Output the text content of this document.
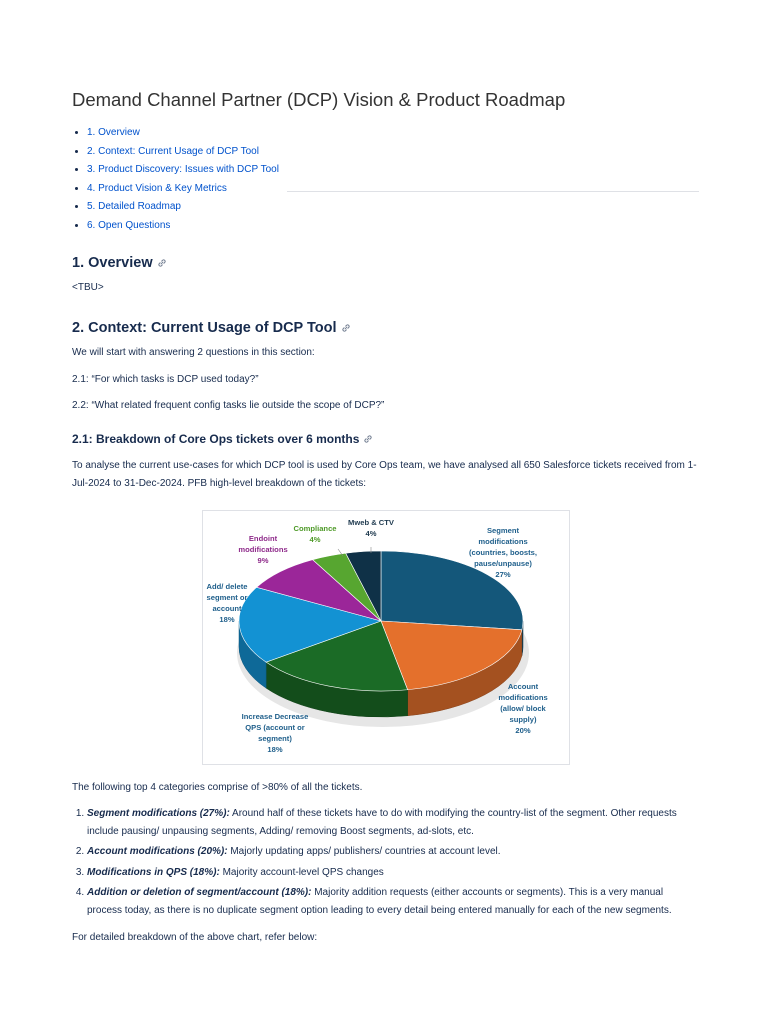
Demand Channel Partner (DCP) Vision & Product Roadmap
• 1. Overview
• 2. Context: Current Usage of DCP Tool
• 3. Product Discovery: Issues with DCP Tool
• 4. Product Vision & Key Metrics
• 5. Detailed Roadmap
• 6. Open Questions
1. Overview

<TBU>

2. Context: Current Usage of DCP Tool

We will start with answering 2 questions in this section:

2.1: “For which tasks is DCP used today?”

2.2: “What related frequent config tasks lie outside the scope of DCP?”

2.1: Breakdown of Core Ops tickets over 6 months

To analyse the current use-cases for which DCP tool is used by Core Ops team, we have analysed all 650 Salesforce tickets received from 1-Jul-2024 to 31-Dec-2024. PFB high-level breakdown of the tickets:

Segment
modifications
(countries, boosts,
pause/unpause)
27%
Account
modifications
(allow/ block
supply)
20%
Increase Decrease
QPS (account or
segment)
18%
Add/ delete
segment or
account
18%
Endoint
modifications
9%
Compliance
4%
Mweb & CTV
4%

The following top 4 categories comprise of >80% of all the tickets.

1. Segment modifications (27%): Around half of these tickets have to do with modifying the country-list of the segment. Other requests include pausing/ unpausing segments, Adding/ removing Boost segments, ad-slots, etc.
2. Account modifications (20%): Majorly updating apps/ publishers/ countries at account level.
3. Modifications in QPS (18%): Majority account-level QPS changes
4. Addition or deletion of segment/account (18%): Majority addition requests (either accounts or segments). This is a very manual process today, as there is no duplicate segment option leading to every detail being entered manually for each of the new segments.

For detailed breakdown of the above chart, refer below:
